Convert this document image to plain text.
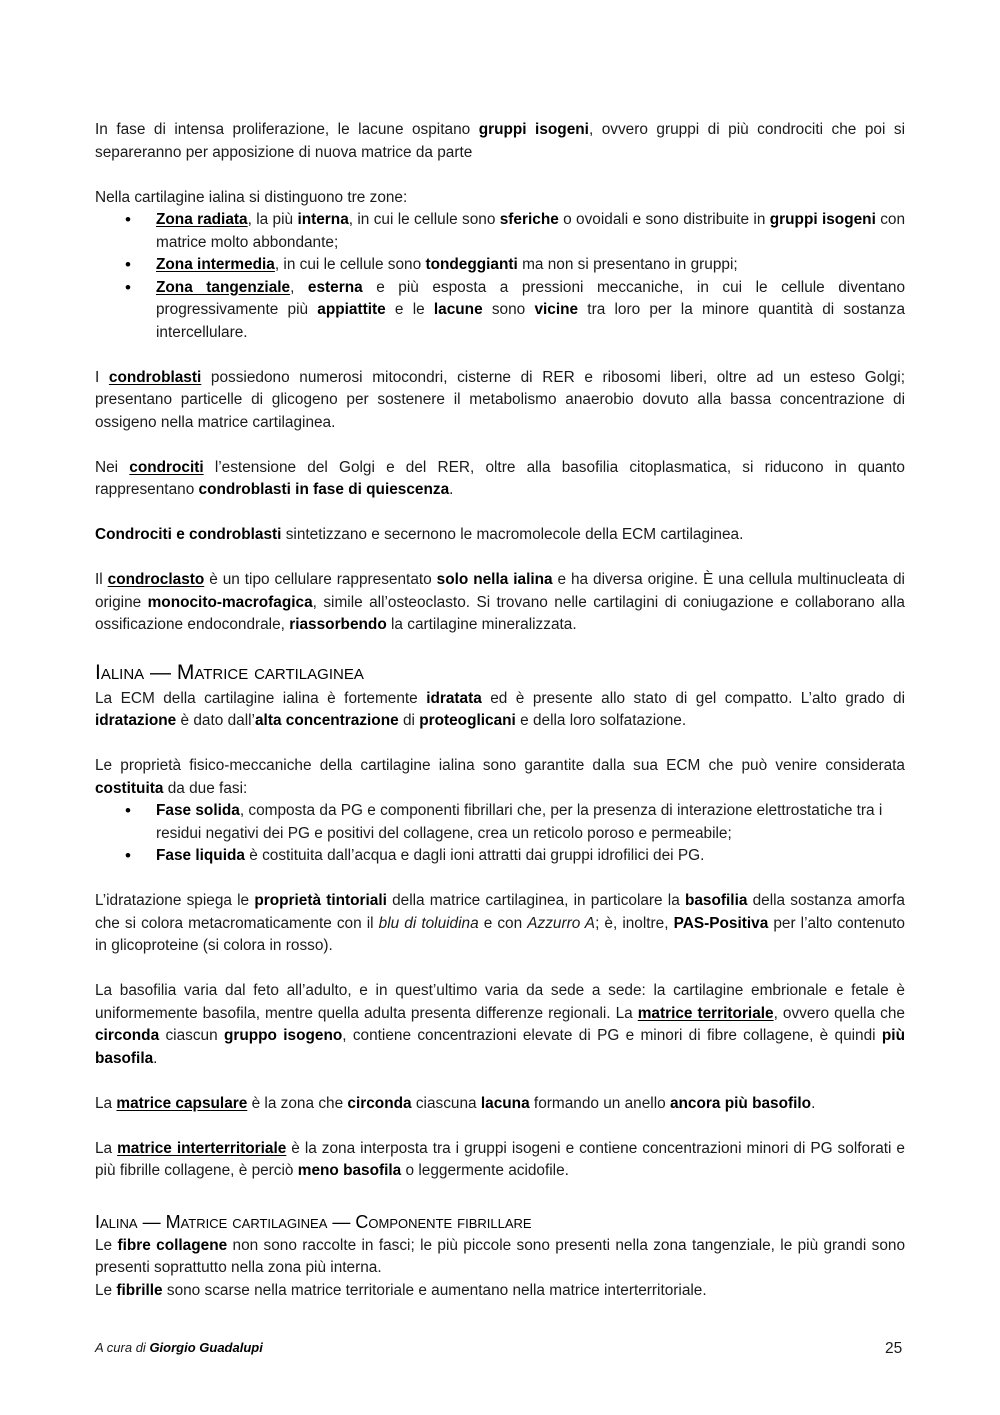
In fase di intensa proliferazione, le lacune ospitano gruppi isogeni, ovvero gruppi di più condrociti che poi si separeranno per apposizione di nuova matrice da parte

Nella cartilagine ialina si distinguono tre zone:

• Zona radiata, la più interna, in cui le cellule sono sferiche o ovoidali e sono distribuite in gruppi isogeni con matrice molto abbondante;
• Zona intermedia, in cui le cellule sono tondeggianti ma non si presentano in gruppi;
• Zona tangenziale, esterna e più esposta a pressioni meccaniche, in cui le cellule diventano progressivamente più appiattite e le lacune sono vicine tra loro per la minore quantità di sostanza intercellulare.

I condroblasti possiedono numerosi mitocondri, cisterne di RER e ribosomi liberi, oltre ad un esteso Golgi; presentano particelle di glicogeno per sostenere il metabolismo anaerobio dovuto alla bassa concentrazione di ossigeno nella matrice cartilaginea.

Nei condrociti l’estensione del Golgi e del RER, oltre alla basofilia citoplasmatica, si riducono in quanto rappresentano condroblasti in fase di quiescenza.

Condrociti e condroblasti sintetizzano e secernono le macromolecole della ECM cartilaginea.

Il condroclasto è un tipo cellulare rappresentato solo nella ialina e ha diversa origine. È una cellula multinucleata di origine monocito-macrofagica, simile all’osteoclasto. Si trovano nelle cartilagini di coniugazione e collaborano alla ossificazione endocondrale, riassorbendo la cartilagine mineralizzata.

Ialina — Matrice cartilaginea

La ECM della cartilagine ialina è fortemente idratata ed è presente allo stato di gel compatto. L’alto grado di idratazione è dato dall’alta concentrazione di proteoglicani e della loro solfatazione.

Le proprietà fisico-meccaniche della cartilagine ialina sono garantite dalla sua ECM che può venire considerata costituita da due fasi:

• Fase solida, composta da PG e componenti fibrillari che, per la presenza di interazione elettrostatiche tra i residui negativi dei PG e positivi del collagene, crea un reticolo poroso e permeabile;
• Fase liquida è costituita dall’acqua e dagli ioni attratti dai gruppi idrofilici dei PG.

L’idratazione spiega le proprietà tintoriali della matrice cartilaginea, in particolare la basofilia della sostanza amorfa che si colora metacromaticamente con il blu di toluidina e con Azzurro A; è, inoltre, PAS-Positiva per l’alto contenuto in glicoproteine (si colora in rosso).

La basofilia varia dal feto all’adulto, e in quest’ultimo varia da sede a sede: la cartilagine embrionale e fetale è uniformemente basofila, mentre quella adulta presenta differenze regionali. La matrice territoriale, ovvero quella che circonda ciascun gruppo isogeno, contiene concentrazioni elevate di PG e minori di fibre collagene, è quindi più basofila.

La matrice capsulare è la zona che circonda ciascuna lacuna formando un anello ancora più basofilo.

La matrice interterritoriale è la zona interposta tra i gruppi isogeni e contiene concentrazioni minori di PG solforati e più fibrille collagene, è perciò meno basofila o leggermente acidofile.

Ialina — Matrice cartilaginea — Componente fibrillare

Le fibre collagene non sono raccolte in fasci; le più piccole sono presenti nella zona tangenziale, le più grandi sono presenti soprattutto nella zona più interna.

Le fibrille sono scarse nella matrice territoriale e aumentano nella matrice interterritoriale.

A cura di Giorgio Guadalupi	25
